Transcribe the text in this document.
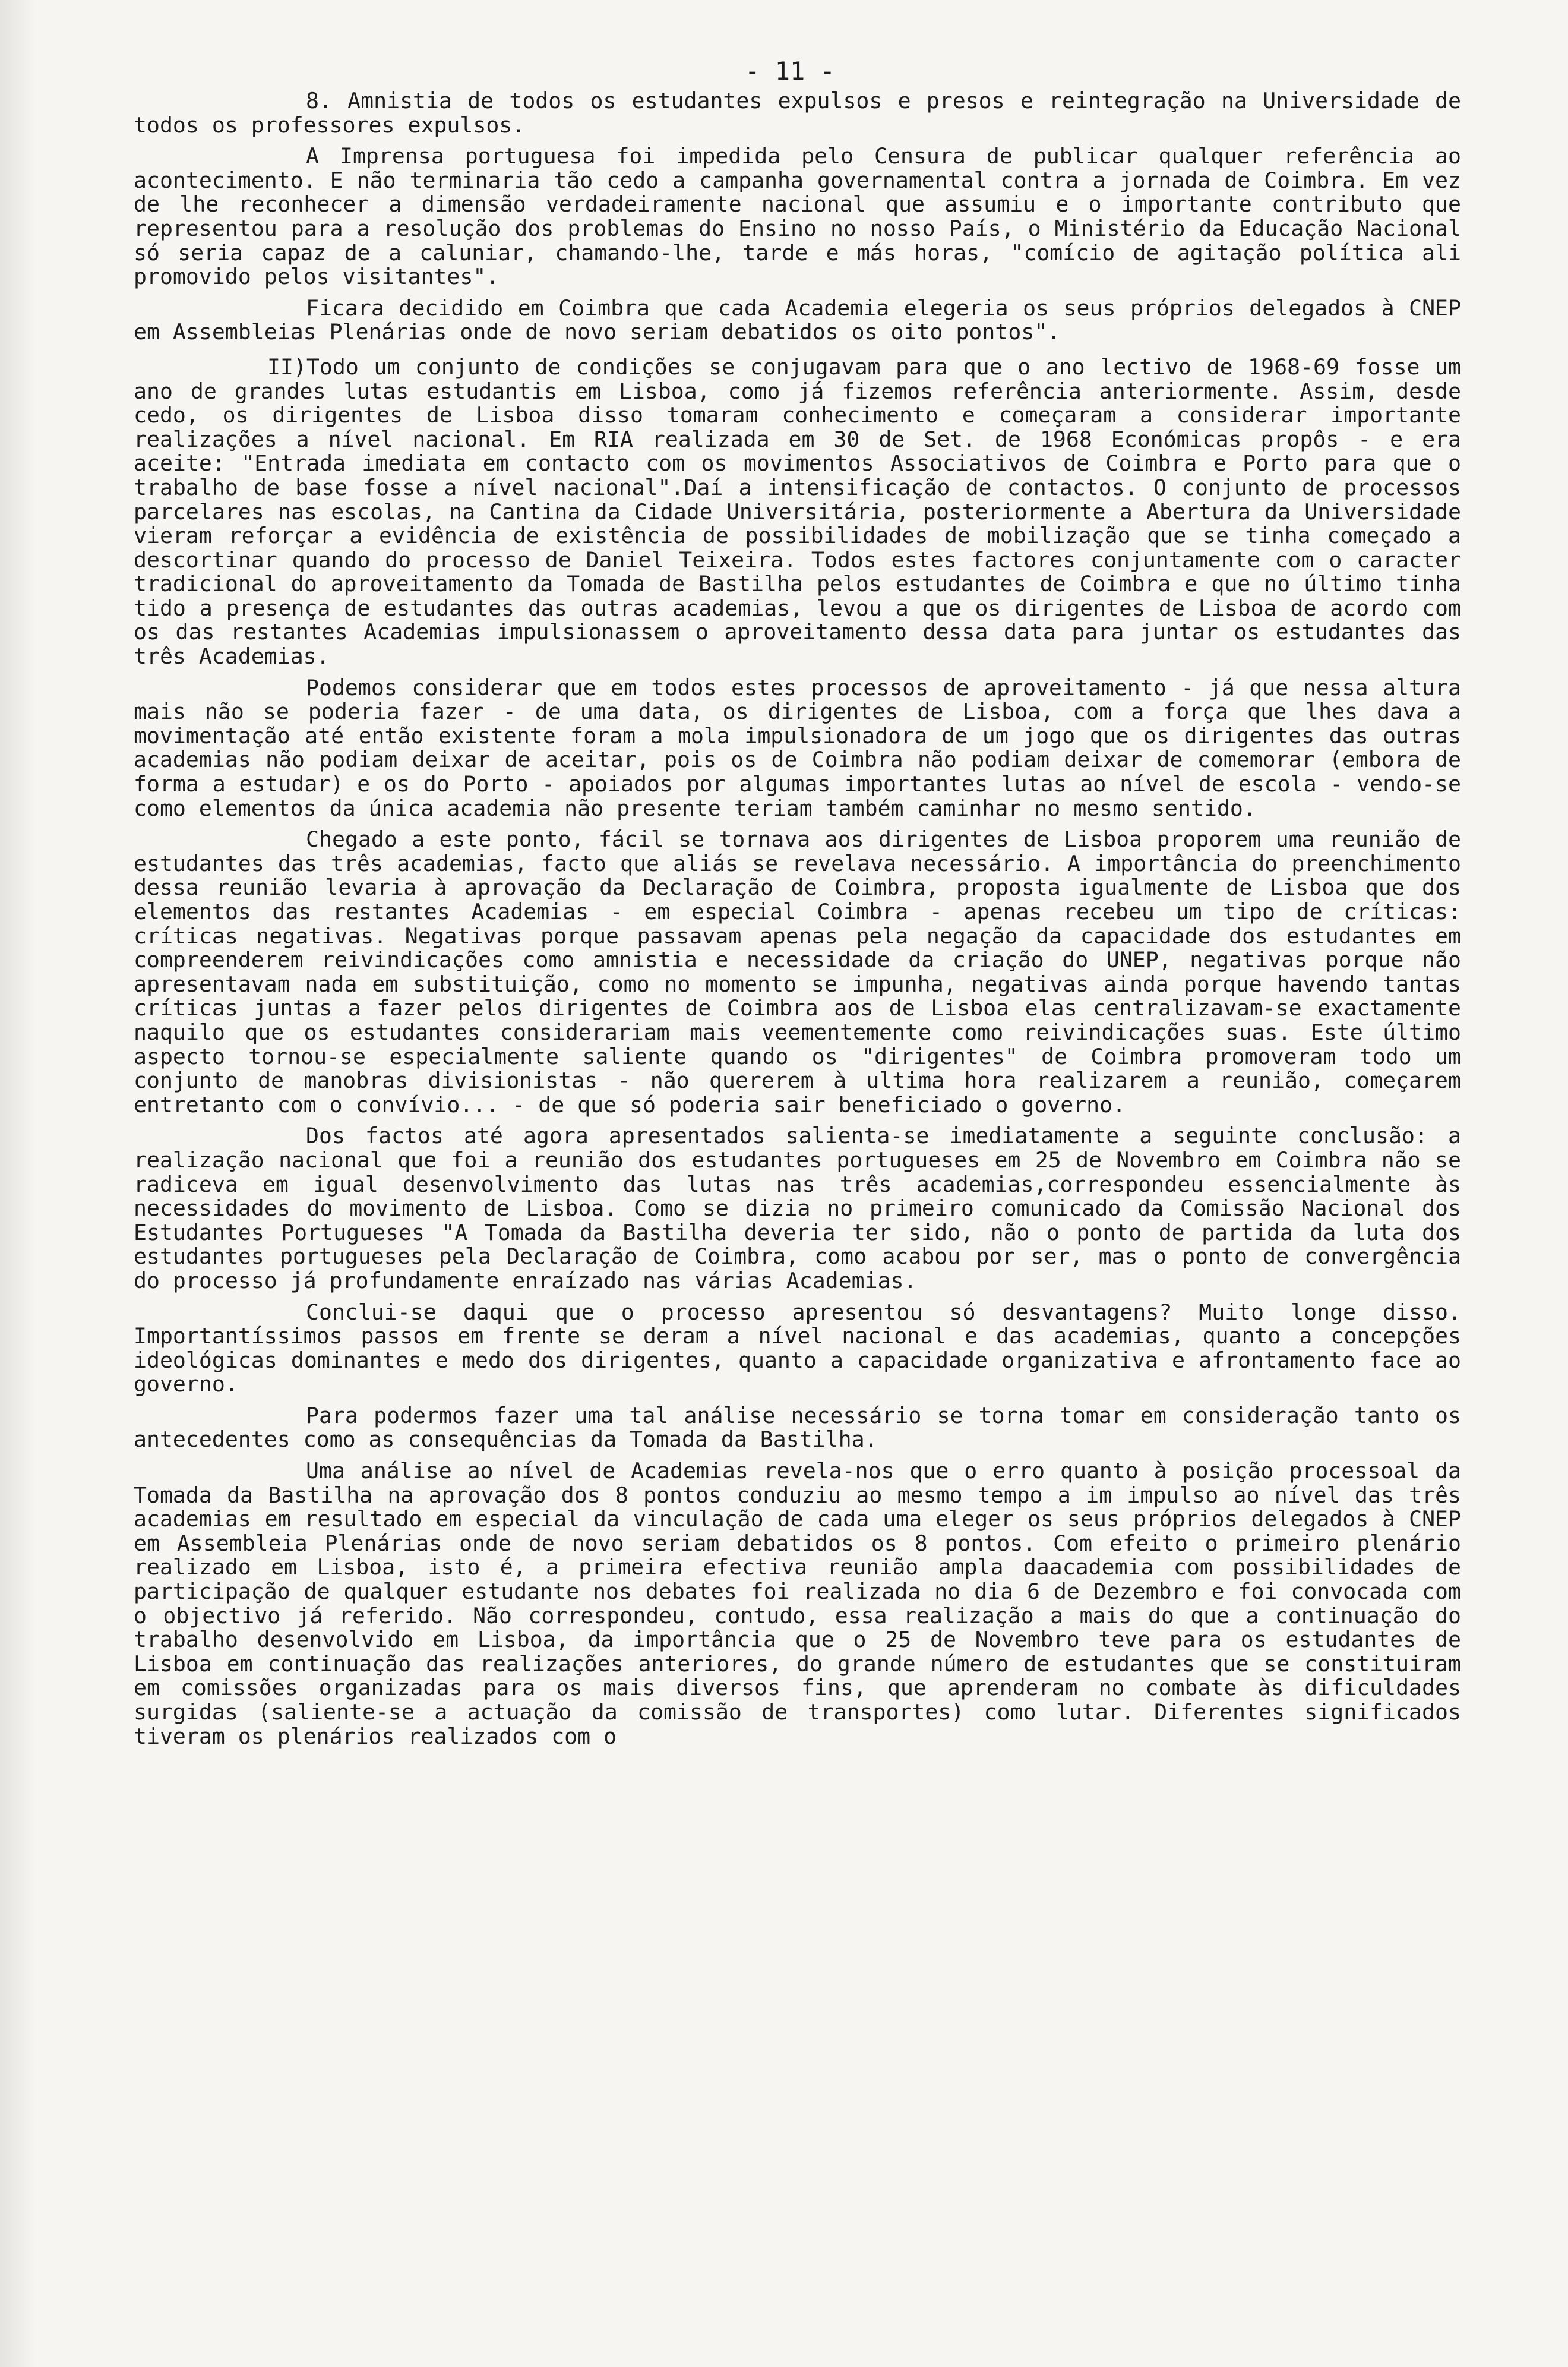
- 11 -

8. Amnistia de todos os estudantes expulsos e presos e reintegração na Universidade de todos os professores expulsos.

A Imprensa portuguesa foi impedida pelo Censura de publicar qualquer referência ao acontecimento. E não terminaria tão cedo a campanha governamental contra a jornada de Coimbra. Em vez de lhe reconhecer a dimensão verdadeiramente nacional que assumiu e o importante contributo que representou para a resolução dos problemas do Ensino no nosso País, o Ministério da Educação Nacional só seria capaz de a caluniar, chamando-lhe, tarde e más horas, "comício de agitação política ali promovido pelos visitantes".

Ficara decidido em Coimbra que cada Academia elegeria os seus próprios delegados à CNEP em Assembleias Plenárias onde de novo seriam debatidos os oito pontos".

II)Todo um conjunto de condições se conjugavam para que o ano lectivo de 1968-69 fosse um ano de grandes lutas estudantis em Lisboa, como já fizemos referência anteriormente. Assim, desde cedo, os dirigentes de Lisboa disso tomaram conhecimento e começaram a considerar importante realizações a nível nacional. Em RIA realizada em 30 de Set. de 1968 Económicas propôs - e era aceite: "Entrada imediata em contacto com os movimentos Associativos de Coimbra e Porto para que o trabalho de base fosse a nível nacional".Daí a intensificação de contactos. O conjunto de processos parcelares nas escolas, na Cantina da Cidade Universitária, posteriormente a Abertura da Universidade vieram reforçar a evidência de existência de possibilidades de mobilização que se tinha começado a descortinar quando do processo de Daniel Teixeira. Todos estes factores conjuntamente com o caracter tradicional do aproveitamento da Tomada de Bastilha pelos estudantes de Coimbra e que no último tinha tido a presença de estudantes das outras academias, levou a que os dirigentes de Lisboa de acordo com os das restantes Academias impulsionassem o aproveitamento dessa data para juntar os estudantes das três Academias.

Podemos considerar que em todos estes processos de aproveitamento - já que nessa altura mais não se poderia fazer - de uma data, os dirigentes de Lisboa, com a força que lhes dava a movimentação até então existente foram a mola impulsionadora de um jogo que os dirigentes das outras academias não podiam deixar de aceitar, pois os de Coimbra não podiam deixar de comemorar (embora de forma a estudar) e os do Porto - apoiados por algumas importantes lutas ao nível de escola - vendo-se como elementos da única academia não presente teriam também caminhar no mesmo sentido.

Chegado a este ponto, fácil se tornava aos dirigentes de Lisboa proporem uma reunião de estudantes das três academias, facto que aliás se revelava necessário. A importância do preenchimento dessa reunião levaria à aprovação da Declaração de Coimbra, proposta igualmente de Lisboa que dos elementos das restantes Academias - em especial Coimbra - apenas recebeu um tipo de críticas: críticas negativas. Negativas porque passavam apenas pela negação da capacidade dos estudantes em compreenderem reivindicações como amnistia e necessidade da criação do UNEP, negativas porque não apresentavam nada em substituição, como no momento se impunha, negativas ainda porque havendo tantas críticas juntas a fazer pelos dirigentes de Coimbra aos de Lisboa elas centralizavam-se exactamente naquilo que os estudantes considerariam mais veementemente como reivindicações suas. Este último aspecto tornou-se especialmente saliente quando os "dirigentes" de Coimbra promoveram todo um conjunto de manobras divisionistas - não quererem à ultima hora realizarem a reunião, começarem entretanto com o convívio... - de que só poderia sair beneficiado o governo.

Dos factos até agora apresentados salienta-se imediatamente a seguinte conclusão: a realização nacional que foi a reunião dos estudantes portugueses em 25 de Novembro em Coimbra não se radiceva em igual desenvolvimento das lutas nas três academias,correspondeu essencialmente às necessidades do movimento de Lisboa. Como se dizia no primeiro comunicado da Comissão Nacional dos Estudantes Portugueses "A Tomada da Bastilha deveria ter sido, não o ponto de partida da luta dos estudantes portugueses pela Declaração de Coimbra, como acabou por ser, mas o ponto de convergência do processo já profundamente enraízado nas várias Academias.

Conclui-se daqui que o processo apresentou só desvantagens? Muito longe disso. Importantíssimos passos em frente se deram a nível nacional e das academias, quanto a concepções ideológicas dominantes e medo dos dirigentes, quanto a capacidade organizativa e afrontamento face ao governo.

Para podermos fazer uma tal análise necessário se torna tomar em consideração tanto os antecedentes como as consequências da Tomada da Bastilha.

Uma análise ao nível de Academias revela-nos que o erro quanto à posição processoal da Tomada da Bastilha na aprovação dos 8 pontos conduziu ao mesmo tempo a im impulso ao nível das três academias em resultado em especial da vinculação de cada uma eleger os seus próprios delegados à CNEP em Assembleia Plenárias onde de novo seriam debatidos os 8 pontos. Com efeito o primeiro plenário realizado em Lisboa, isto é, a primeira efectiva reunião ampla daacademia com possibilidades de participação de qualquer estudante nos debates foi realizada no dia 6 de Dezembro e foi convocada com o objectivo já referido. Não correspondeu, contudo, essa realização a mais do que a continuação do trabalho desenvolvido em Lisboa, da importância que o 25 de Novembro teve para os estudantes de Lisboa em continuação das realizações anteriores, do grande número de estudantes que se constituiram em comissões organizadas para os mais diversos fins, que aprenderam no combate às dificuldades surgidas (saliente-se a actuação da comissão de transportes) como lutar. Diferentes significados tiveram os plenários realizados com o
